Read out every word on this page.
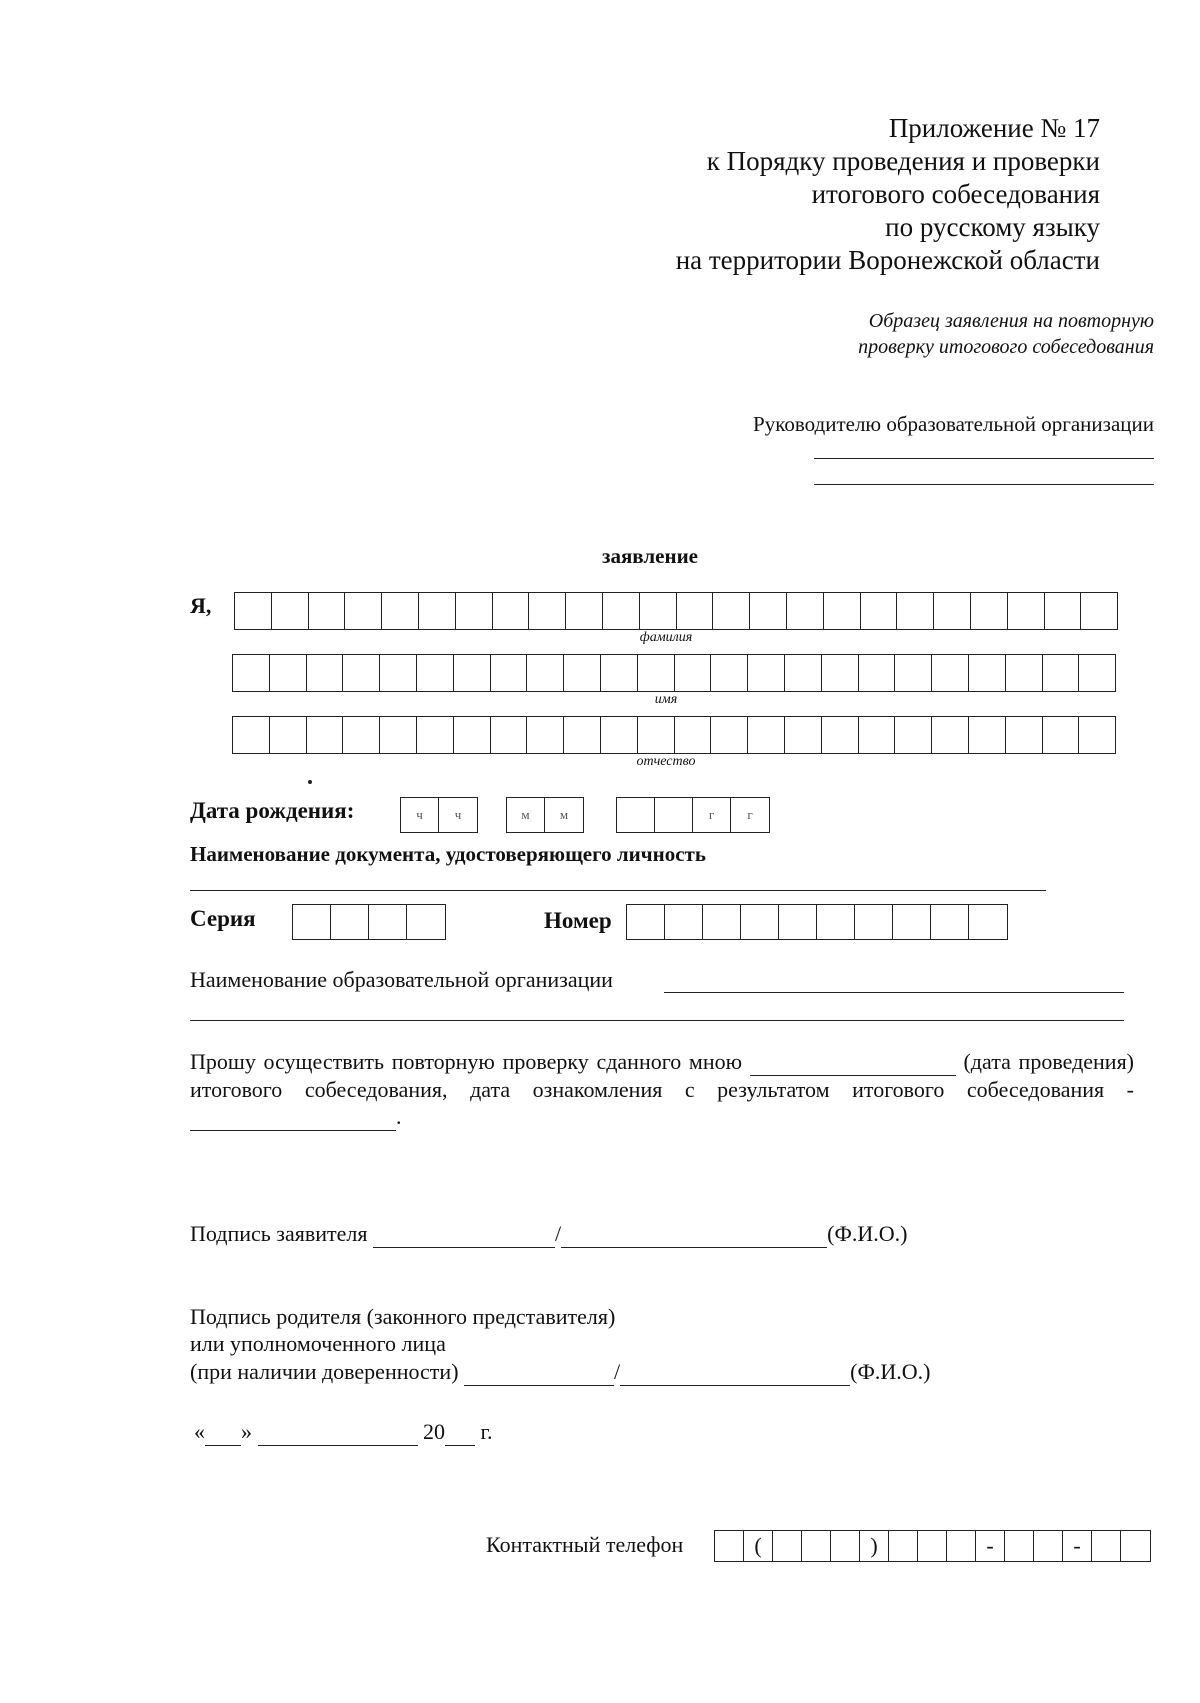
Приложение № 17
к Порядку проведения и проверки
итогового собеседования
по русскому языку
на территории Воронежской области
Образец заявления на повторную
проверку итогового собеседования
Руководителю образовательной организации
заявление
Я,
фамилия
имя
отчество
Дата рождения:	ч	ч	м	м	г	г
Наименование документа, удостоверяющего личность
Серия	Номер
Наименование образовательной организации
Прошу осуществить повторную проверку сданного мною	(дата проведения) итогового собеседования, дата ознакомления с результатом итогового собеседования -  .
Подпись заявителя	/	(Ф.И.О.)
Подпись родителя (законного представителя)
или уполномоченного лица
(при наличии доверенности)	/	(Ф.И.О.)
« »	20 г.
Контактный телефон	(	)	-	-
